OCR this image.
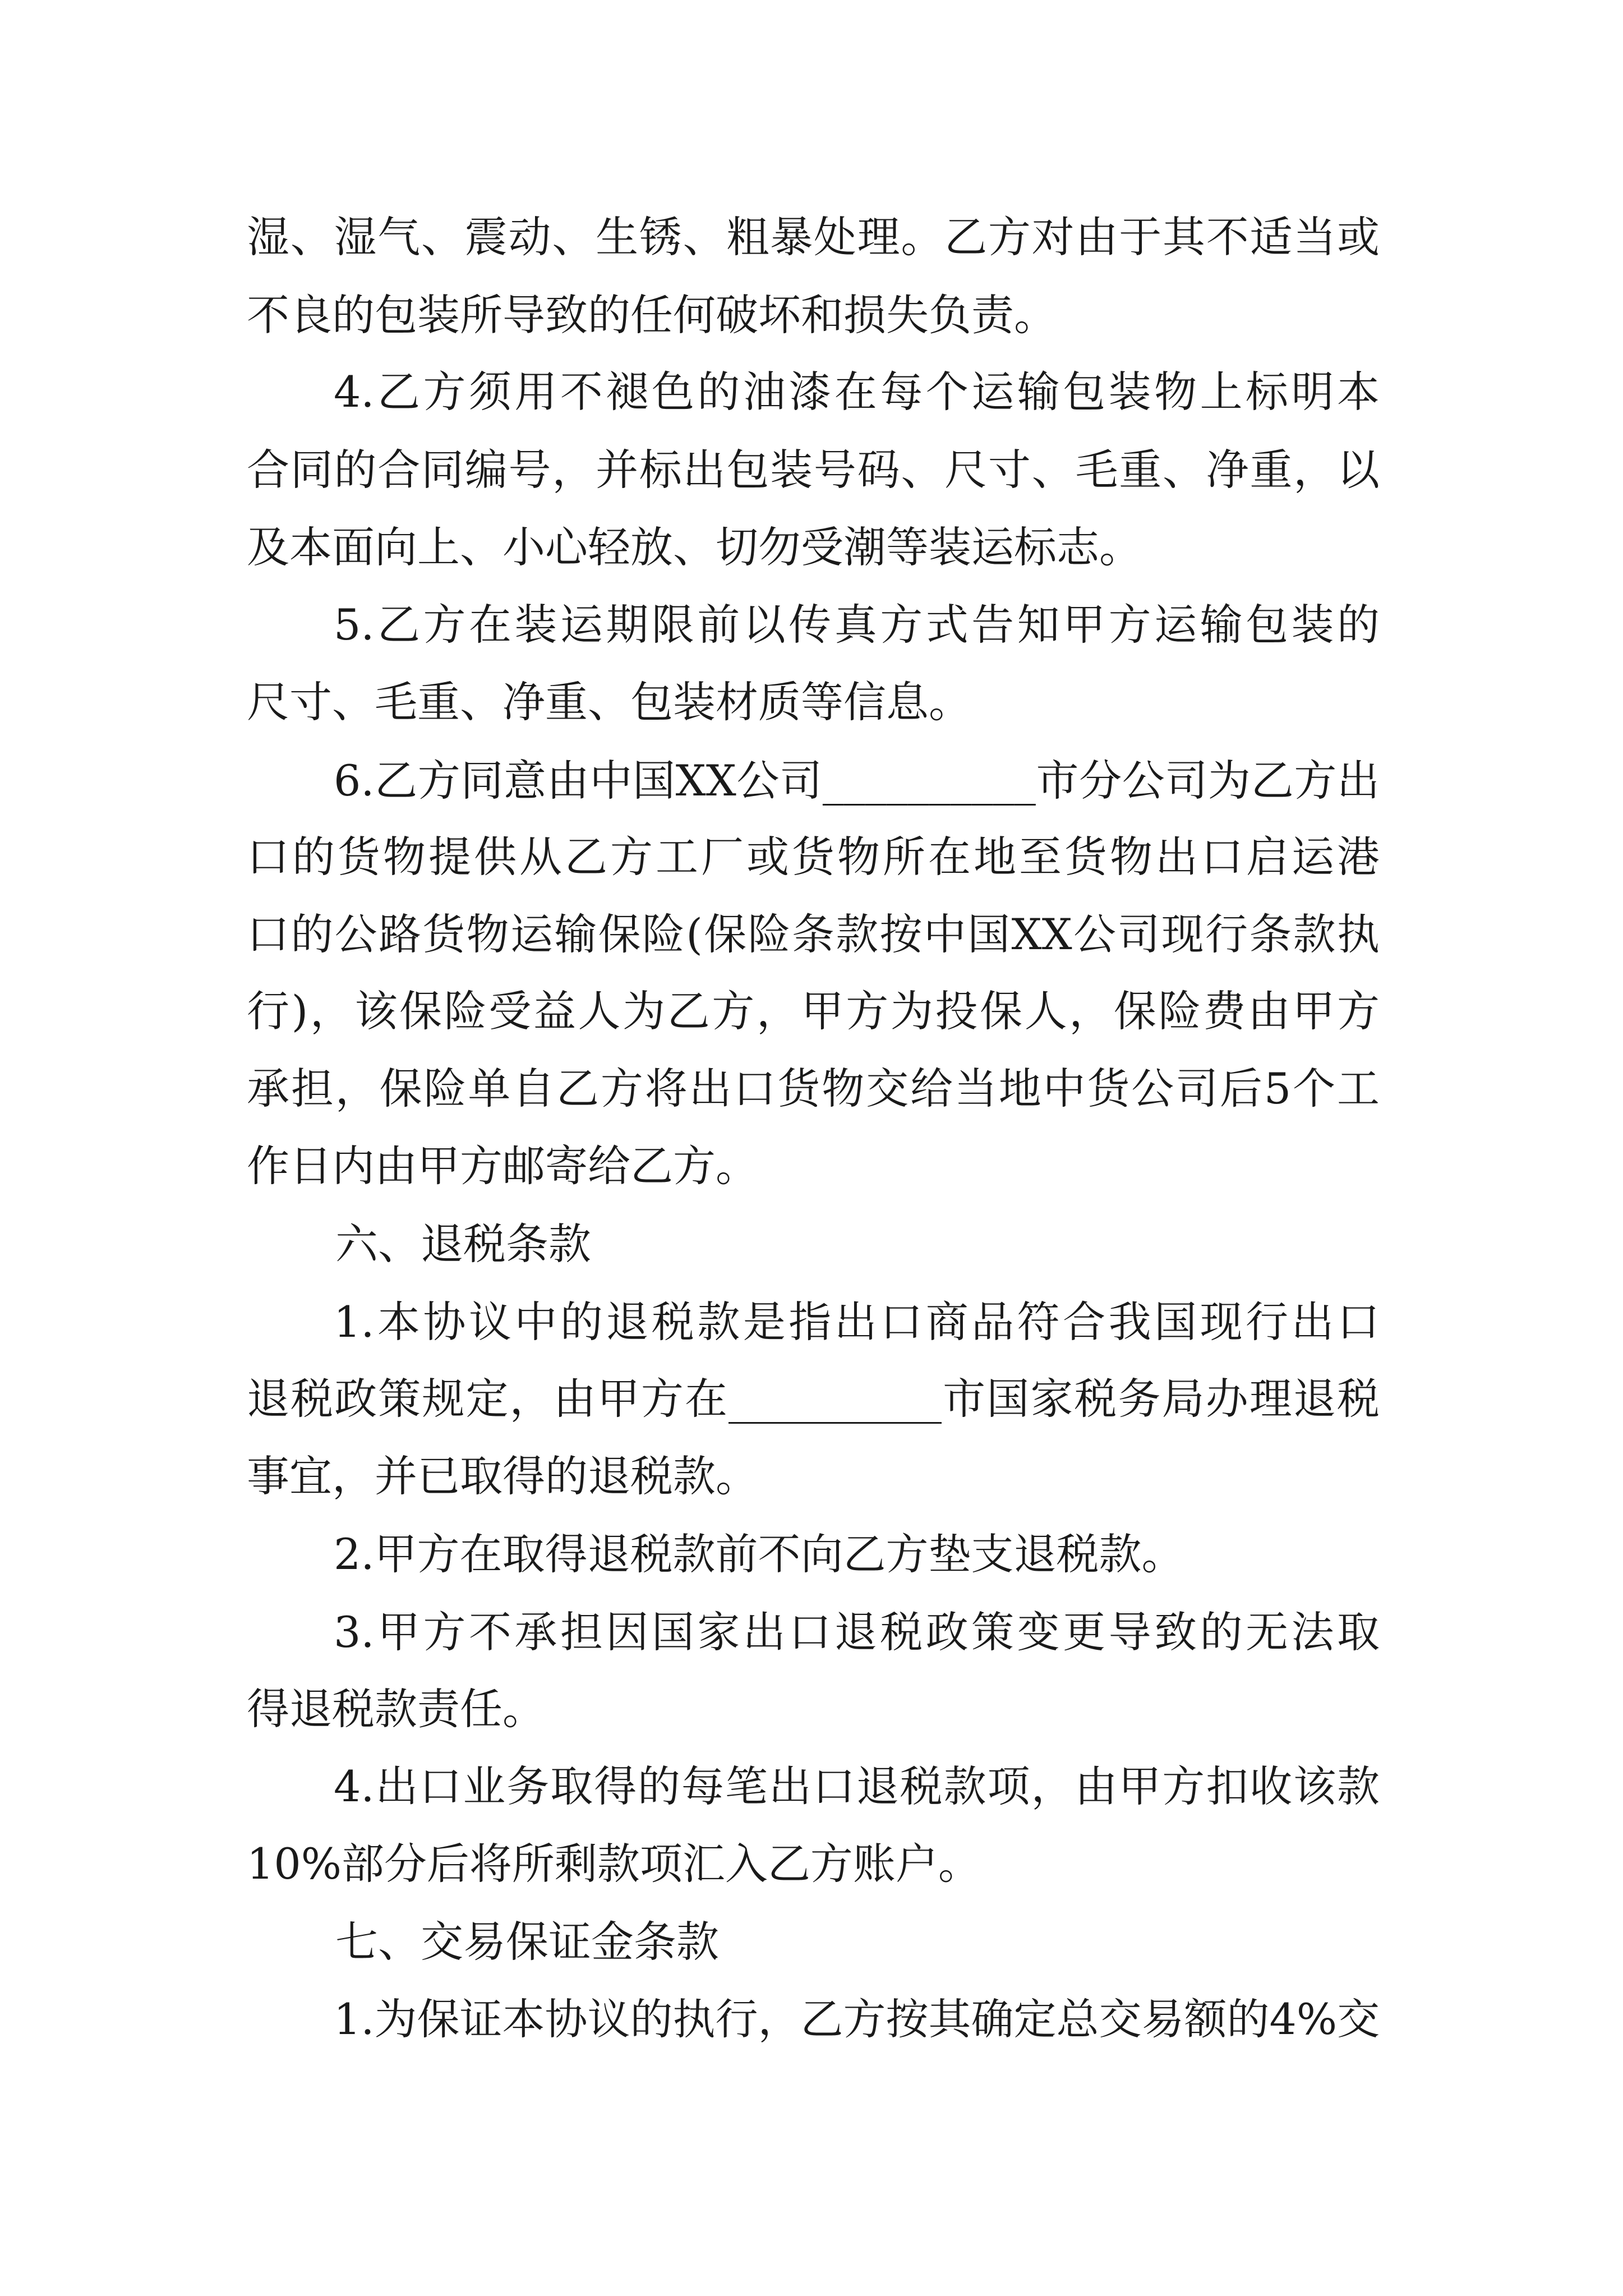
湿、湿气、震动、生锈、粗暴处理。乙方对由于其不适当或
不良的包装所导致的任何破坏和损失负责。
4.乙方须用不褪色的油漆在每个运输包装物上标明本
合同的合同编号，并标出包装号码、尺寸、毛重、净重，以
及本面向上、小心轻放、切勿受潮等装运标志。
5.乙方在装运期限前以传真方式告知甲方运输包装的
尺寸、毛重、净重、包装材质等信息。
6.乙方同意由中国XX公司__________市分公司为乙方出
口的货物提供从乙方工厂或货物所在地至货物出口启运港
口的公路货物运输保险(保险条款按中国XX公司现行条款执
行)，该保险受益人为乙方，甲方为投保人，保险费由甲方
承担，保险单自乙方将出口货物交给当地中货公司后5个工
作日内由甲方邮寄给乙方。
六、退税条款
1.本协议中的退税款是指出口商品符合我国现行出口
退税政策规定，由甲方在__________市国家税务局办理退税
事宜，并已取得的退税款。
2.甲方在取得退税款前不向乙方垫支退税款。
3.甲方不承担因国家出口退税政策变更导致的无法取
得退税款责任。
4.出口业务取得的每笔出口退税款项，由甲方扣收该款
10%部分后将所剩款项汇入乙方账户。
七、交易保证金条款
1.为保证本协议的执行，乙方按其确定总交易额的4%交
